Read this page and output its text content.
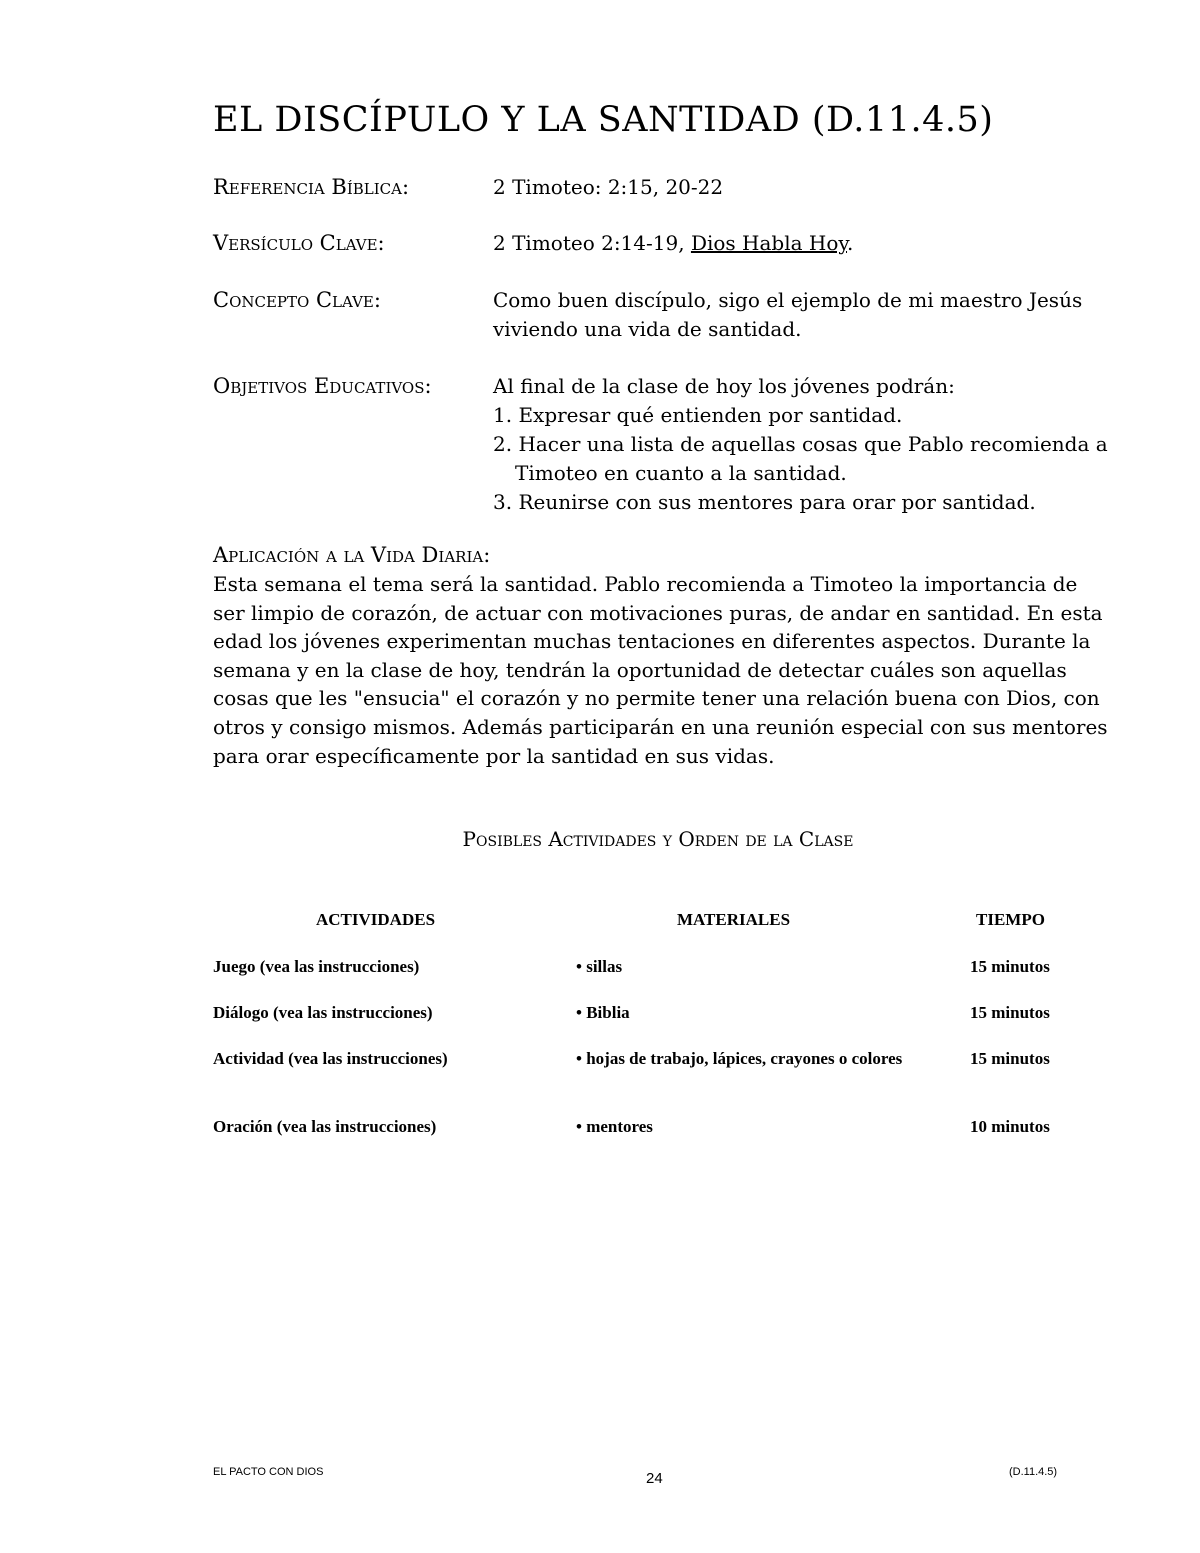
EL DISCÍPULO Y LA SANTIDAD (D.11.4.5)
Referencia Bíblica:	2 Timoteo: 2:15, 20-22
Versículo Clave:	2 Timoteo 2:14-19, Dios Habla Hoy.
Concepto Clave:	Como buen discípulo, sigo el ejemplo de mi maestro Jesús viviendo una vida de santidad.
Objetivos Educativos:	Al final de la clase de hoy los jóvenes podrán:
1. Expresar qué entienden por santidad.
2. Hacer una lista de aquellas cosas que Pablo recomienda a Timoteo en cuanto a la santidad.
3. Reunirse con sus mentores para orar por santidad.
Aplicación a la Vida Diaria:
Esta semana el tema será la santidad. Pablo recomienda a Timoteo la importancia de ser limpio de corazón, de actuar con motivaciones puras, de andar en santidad. En esta edad los jóvenes experimentan muchas tentaciones en diferentes aspectos. Durante la semana y en la clase de hoy, tendrán la oportunidad de detectar cuáles son aquellas cosas que les "ensucia" el corazón y no permite tener una relación buena con Dios, con otros y consigo mismos. Además participarán en una reunión especial con sus mentores para orar específicamente por la santidad en sus vidas.
Posibles Actividades y Orden de la Clase
ACTIVIDADES	MATERIALES	TIEMPO
Juego (vea las instrucciones)	• sillas	15 minutos
Diálogo (vea las instrucciones)	• Biblia	15 minutos
Actividad (vea las instrucciones)	• hojas de trabajo, lápices, crayones o colores	15 minutos
Oración (vea las instrucciones)	• mentores	10 minutos
EL PACTO CON DIOS	24	(D.11.4.5)
